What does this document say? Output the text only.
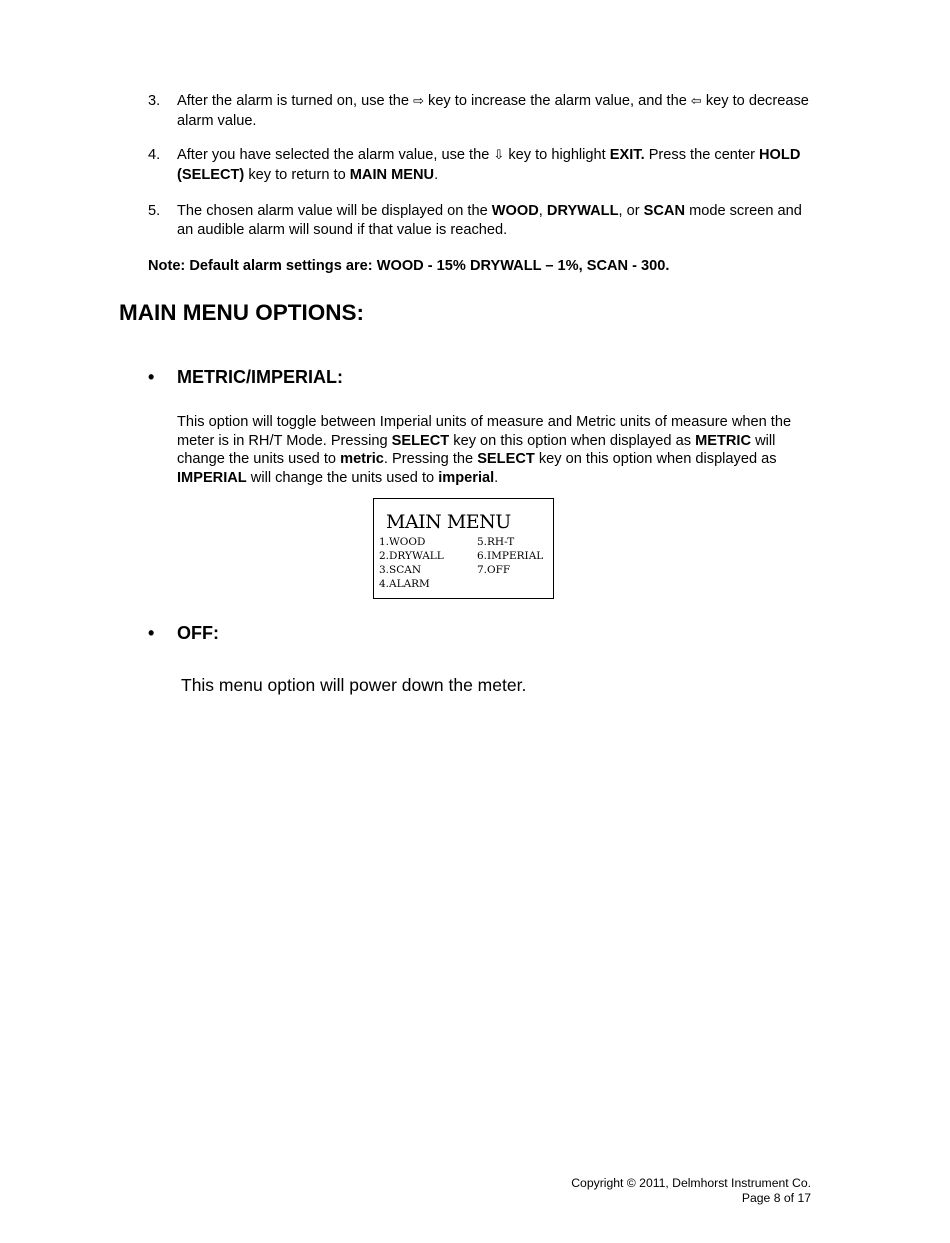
3. After the alarm is turned on, use the ⇨ key to increase the alarm value, and the ⇦ key to decrease alarm value.
4. After you have selected the alarm value, use the ⇩ key to highlight EXIT. Press the center HOLD (SELECT) key to return to MAIN MENU.
5. The chosen alarm value will be displayed on the WOOD, DRYWALL, or SCAN mode screen and an audible alarm will sound if that value is reached.
Note: Default alarm settings are: WOOD - 15% DRYWALL – 1%, SCAN - 300.
MAIN MENU OPTIONS:
• METRIC/IMPERIAL:
This option will toggle between Imperial units of measure and Metric units of measure when the meter is in RH/T Mode. Pressing SELECT key on this option when displayed as METRIC will change the units used to metric. Pressing the SELECT key on this option when displayed as IMPERIAL will change the units used to imperial.
MAIN MENU
1.WOOD
2.DRYWALL
3.SCAN
4.ALARM
5.RH-T
6.IMPERIAL
7.OFF
• OFF:
This menu option will power down the meter.
Copyright © 2011, Delmhorst Instrument Co.
Page 8 of 17
